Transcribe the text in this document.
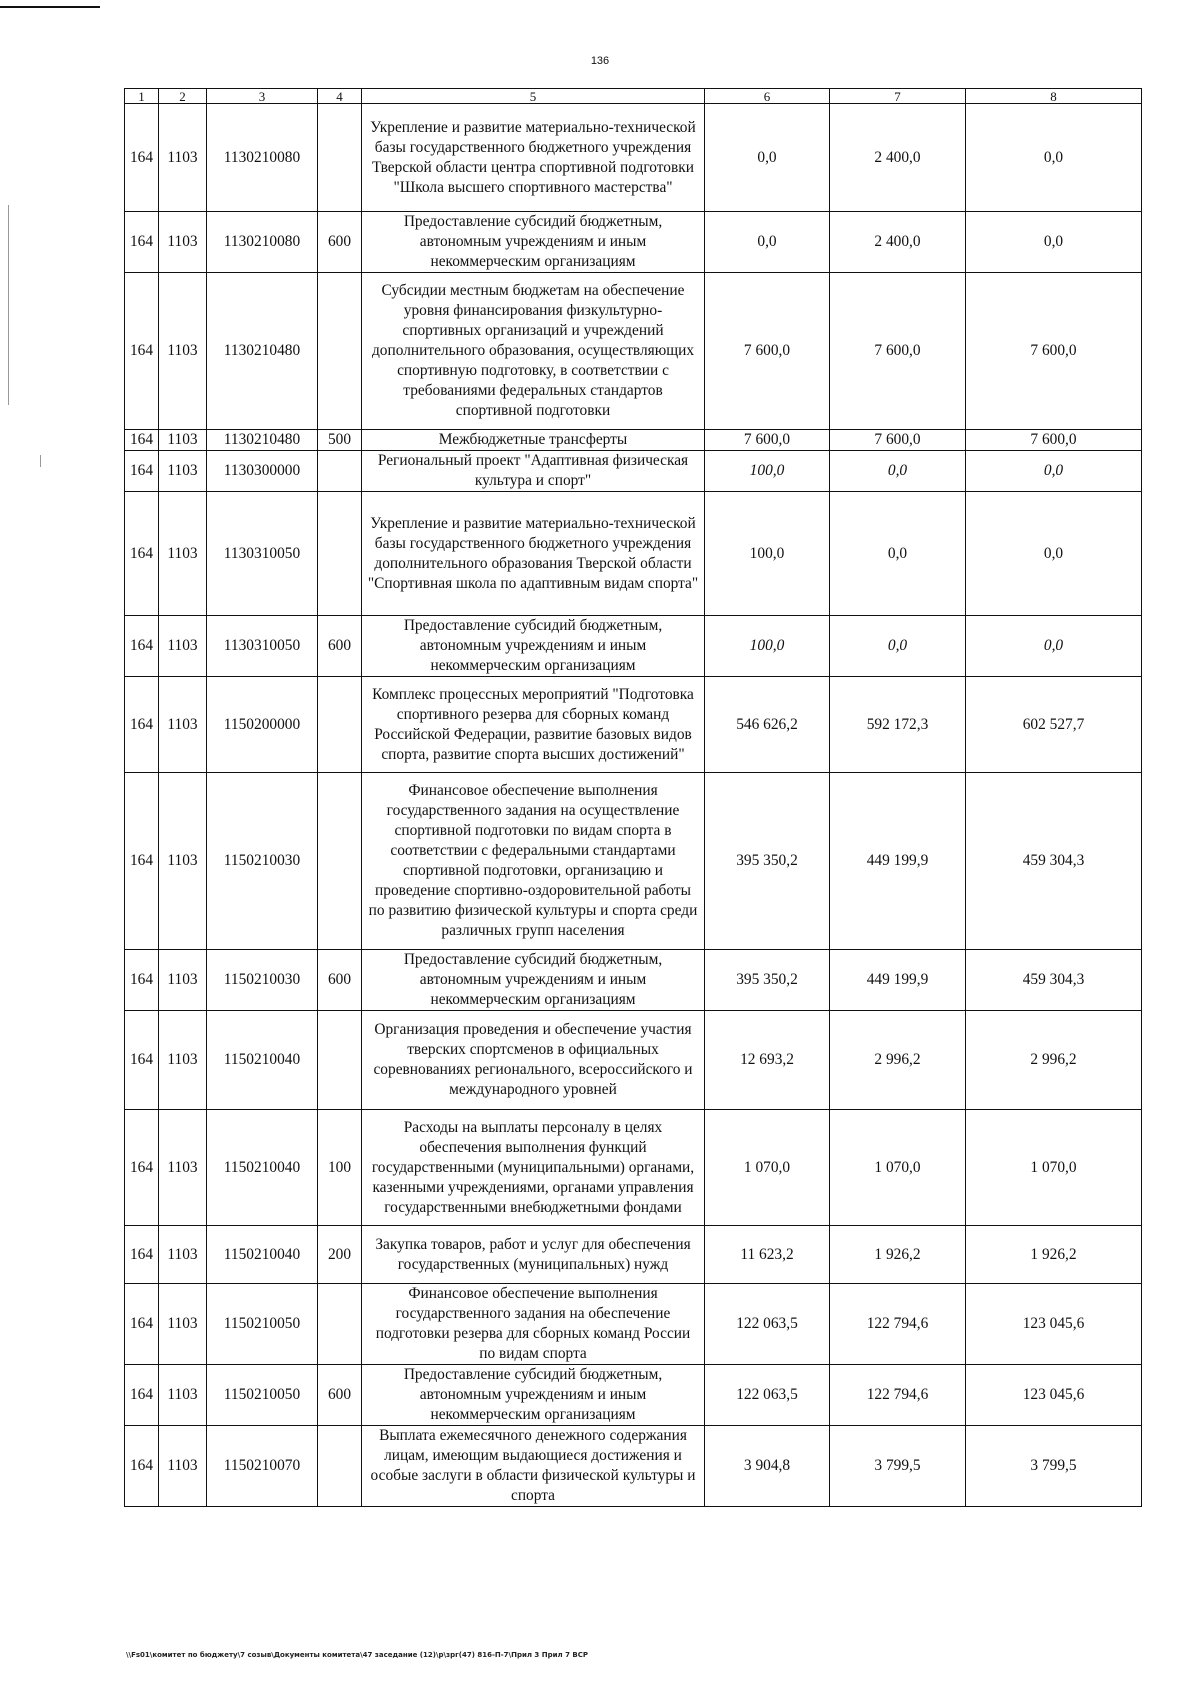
136
1	2	3	4	5	6	7	8
164	1103	1130210080		Укрепление и развитие материально-технической базы государственного бюджетного учреждения Тверской области центра спортивной подготовки "Школа высшего спортивного мастерства"	0,0	2 400,0	0,0
164	1103	1130210080	600	Предоставление субсидий бюджетным, автономным учреждениям и иным некоммерческим организациям	0,0	2 400,0	0,0
164	1103	1130210480		Субсидии местным бюджетам на обеспечение уровня финансирования физкультурно-спортивных организаций и учреждений дополнительного образования, осуществляющих спортивную подготовку, в соответствии с требованиями федеральных стандартов спортивной подготовки	7 600,0	7 600,0	7 600,0
164	1103	1130210480	500	Межбюджетные трансферты	7 600,0	7 600,0	7 600,0
164	1103	1130300000		Региональный проект "Адаптивная физическая культура и спорт"	100,0	0,0	0,0
164	1103	1130310050		Укрепление и развитие материально-технической базы государственного бюджетного учреждения дополнительного образования Тверской области "Спортивная школа по адаптивным видам спорта"	100,0	0,0	0,0
164	1103	1130310050	600	Предоставление субсидий бюджетным, автономным учреждениям и иным некоммерческим организациям	100,0	0,0	0,0
164	1103	1150200000		Комплекс процессных мероприятий "Подготовка спортивного резерва для сборных команд Российской Федерации, развитие базовых видов спорта, развитие спорта высших достижений"	546 626,2	592 172,3	602 527,7
164	1103	1150210030		Финансовое обеспечение выполнения государственного задания на осуществление спортивной подготовки по видам спорта в соответствии с федеральными стандартами спортивной подготовки, организацию и проведение спортивно-оздоровительной работы по развитию физической культуры и спорта среди различных групп населения	395 350,2	449 199,9	459 304,3
164	1103	1150210030	600	Предоставление субсидий бюджетным, автономным учреждениям и иным некоммерческим организациям	395 350,2	449 199,9	459 304,3
164	1103	1150210040		Организация проведения и обеспечение участия тверских спортсменов в официальных соревнованиях регионального, всероссийского и международного уровней	12 693,2	2 996,2	2 996,2
164	1103	1150210040	100	Расходы на выплаты персоналу в целях обеспечения выполнения функций государственными (муниципальными) органами, казенными учреждениями, органами управления государственными внебюджетными фондами	1 070,0	1 070,0	1 070,0
164	1103	1150210040	200	Закупка товаров, работ и услуг для обеспечения государственных (муниципальных) нужд	11 623,2	1 926,2	1 926,2
164	1103	1150210050		Финансовое обеспечение выполнения государственного задания на обеспечение подготовки резерва для сборных команд России по видам спорта	122 063,5	122 794,6	123 045,6
164	1103	1150210050	600	Предоставление субсидий бюджетным, автономным учреждениям и иным некоммерческим организациям	122 063,5	122 794,6	123 045,6
164	1103	1150210070		Выплата ежемесячного денежного содержания лицам, имеющим выдающиеся достижения и особые заслуги в области физической культуры и спорта	3 904,8	3 799,5	3 799,5
\\Fs01\комитет по бюджету\7 созыв\Документы комитета\47 заседание (12)\р\зрг(47) 816-П-7\Прил 3 Прил 7 ВСР
